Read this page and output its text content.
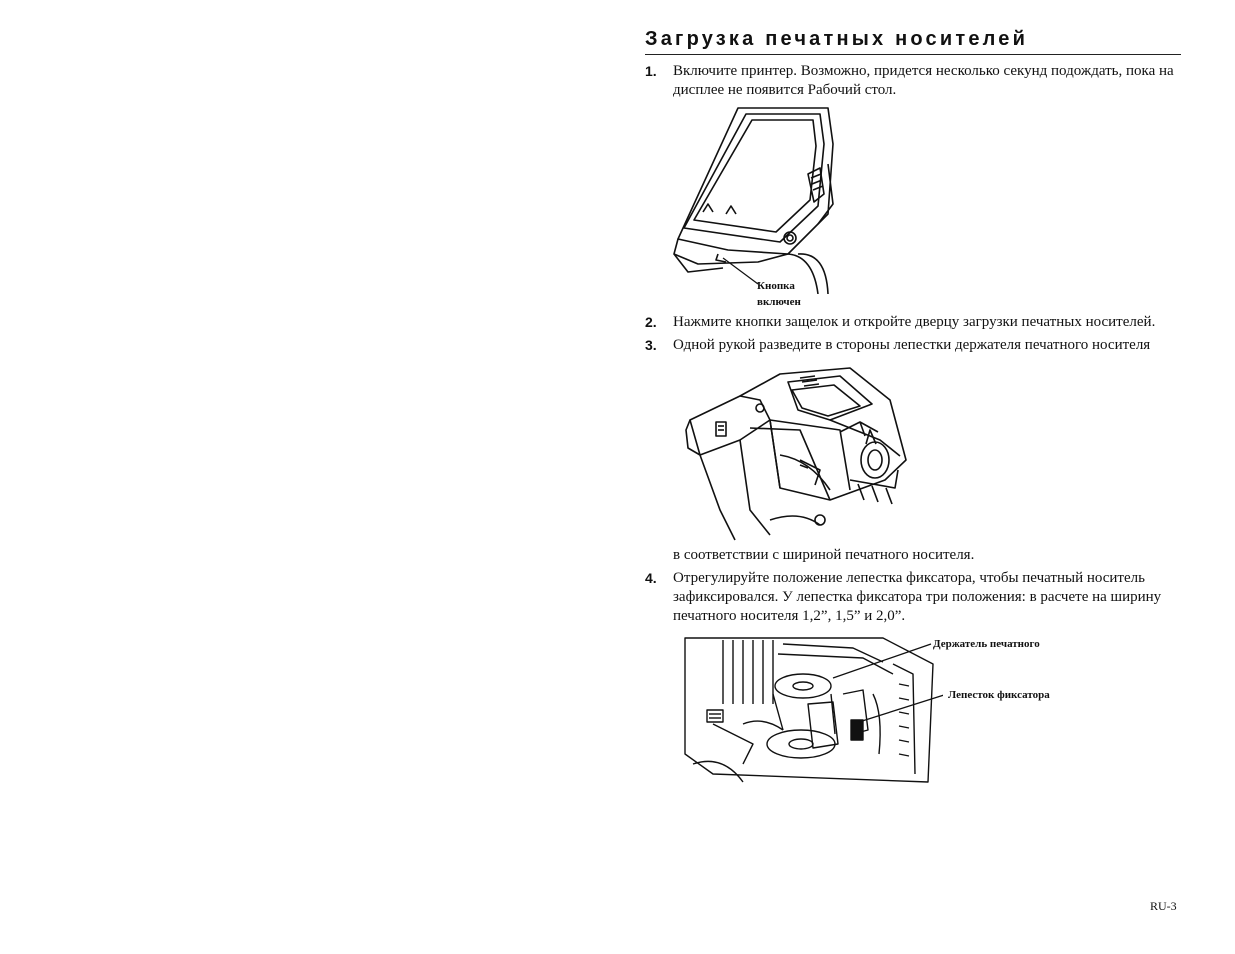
Загрузка печатных носителей
1. Включите принтер. Возможно, придется несколько секунд подождать, пока на дисплее не появится Рабочий стол.
Кнопка
включен
2. Нажмите кнопки защелок и откройте дверцу загрузки печатных носителей.
3. Одной рукой разведите в стороны лепестки держателя печатного носителя
в соответствии с шириной печатного носителя.
4. Отрегулируйте положение лепестка фиксатора, чтобы печатный носитель зафиксировался. У лепестка фиксатора три положения: в расчете на ширину печатного носителя 1,2”, 1,5” и 2,0”.
Держатель печатного
Лепесток фиксатора
RU-3
